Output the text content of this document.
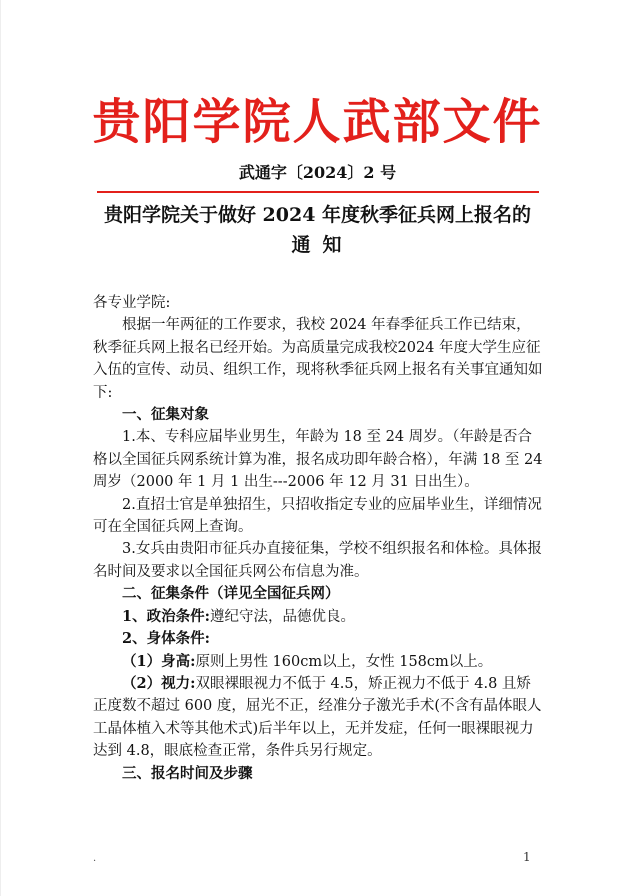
贵阳学院人武部文件
武通字〔2024〕2 号
贵阳学院关于做好 2024 年度秋季征兵网上报名的
通知

各专业学院:

根据一年两征的工作要求，我校 2024 年春季征兵工作已结束，秋季征兵网上报名已经开始。为高质量完成我校2024 年度大学生应征入伍的宣传、动员、组织工作，现将秋季征兵网上报名有关事宜通知如下:

一、征集对象

1.本、专科应届毕业男生，年龄为 18 至 24 周岁。（年龄是否合格以全国征兵网系统计算为准，报名成功即年龄合格），年满 18 至 24 周岁（2000 年 1 月 1 出生---2006 年 12 月 31 日出生）。

2.直招士官是单独招生，只招收指定专业的应届毕业生，详细情况可在全国征兵网上查询。

3.女兵由贵阳市征兵办直接征集，学校不组织报名和体检。具体报名时间及要求以全国征兵网公布信息为准。

二、征集条件（详见全国征兵网）

1、政治条件:遵纪守法，品德优良。

2、身体条件:

（1）身高:原则上男性 160cm以上，女性 158cm以上。

（2）视力:双眼裸眼视力不低于 4.5，矫正视力不低于 4.8 且矫正度数不超过 600 度，屈光不正，经准分子激光手术(不含有晶体眼人工晶体植入术等其他术式)后半年以上，无并发症，任何一眼裸眼视力达到 4.8，眼底检查正常，条件兵另行规定。

三、报名时间及步骤

·	1
